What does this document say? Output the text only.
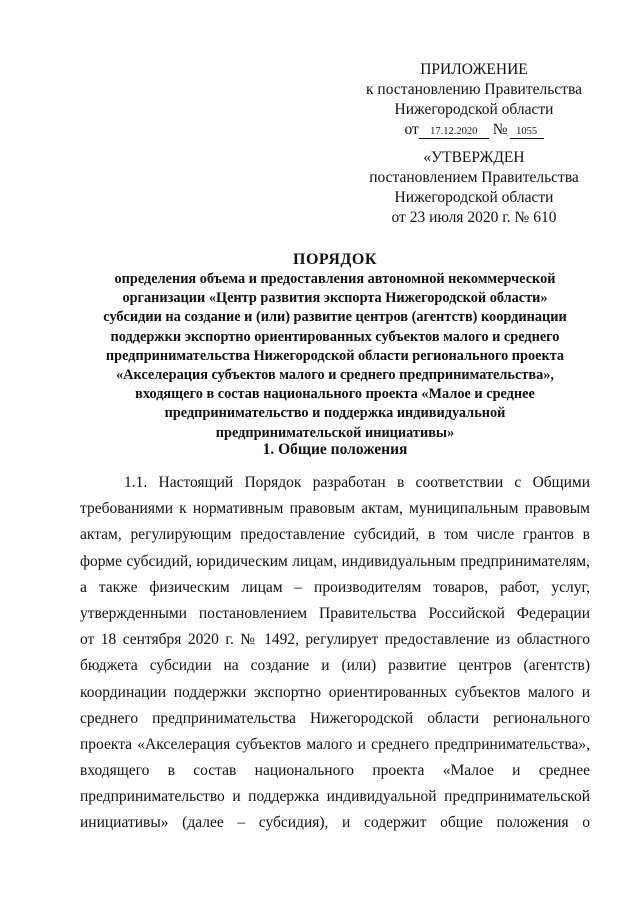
ПРИЛОЖЕНИЕ
к постановлению Правительства
Нижегородской области
от 17.12.2020 № 1055
«УТВЕРЖДЕН
постановлением Правительства
Нижегородской области
от 23 июля 2020 г. № 610
ПОРЯДОК
определения объема и предоставления автономной некоммерческой
организации «Центр развития экспорта Нижегородской области»
субсидии на создание и (или) развитие центров (агентств) координации
поддержки экспортно ориентированных субъектов малого и среднего
предпринимательства Нижегородской области регионального проекта
«Акселерация субъектов малого и среднего предпринимательства»,
входящего в состав национального проекта «Малое и среднее
предпринимательство и поддержка индивидуальной
предпринимательской инициативы»
1. Общие положения
1.1. Настоящий Порядок разработан в соответствии с Общими
требованиями к нормативным правовым актам, муниципальным правовым
актам, регулирующим предоставление субсидий, в том числе грантов в
форме субсидий, юридическим лицам, индивидуальным предпринимателям,
а также физическим лицам – производителям товаров, работ, услуг,
утвержденными постановлением Правительства Российской Федерации
от 18 сентября 2020 г. № 1492, регулирует предоставление из областного
бюджета субсидии на создание и (или) развитие центров (агентств)
координации поддержки экспортно ориентированных субъектов малого и
среднего предпринимательства Нижегородской области регионального
проекта «Акселерация субъектов малого и среднего предпринимательства»,
входящего в состав национального проекта «Малое и среднее
предпринимательство и поддержка индивидуальной предпринимательской
инициативы» (далее – субсидия), и содержит общие положения о
